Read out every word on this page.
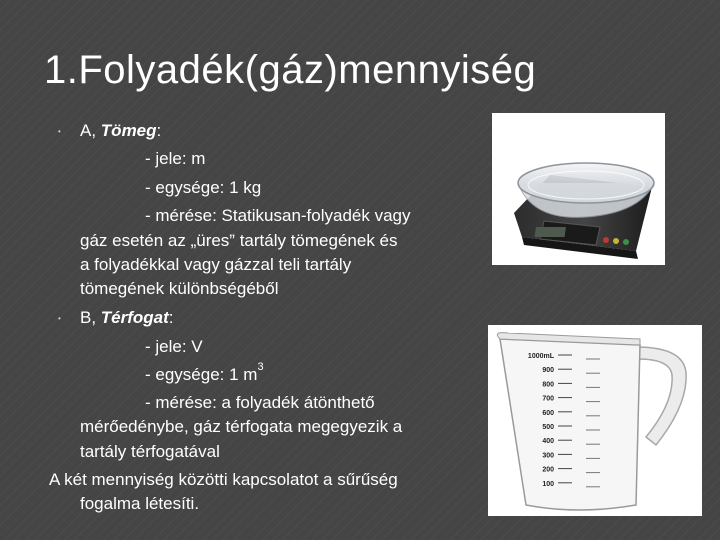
1.Folyadék(gáz)mennyiség
• A, Tömeg:
- jele: m
- egysége: 1 kg
- mérése: Statikusan-folyadék vagy
gáz esetén az „üres” tartály tömegének és
a folyadékkal vagy gázzal teli tartály
tömegének különbségéből
• B, Térfogat:
- jele: V
- egysége: 1 $m^3$
- mérése: a folyadék átönthető
mérőedénybe, gáz térfogata megegyezik a
tartály térfogatával
A két mennyiség közötti kapcsolatot a sűrűség
fogalma létesíti.
1000mL
900
800
700
600
500
400
300
200
100
